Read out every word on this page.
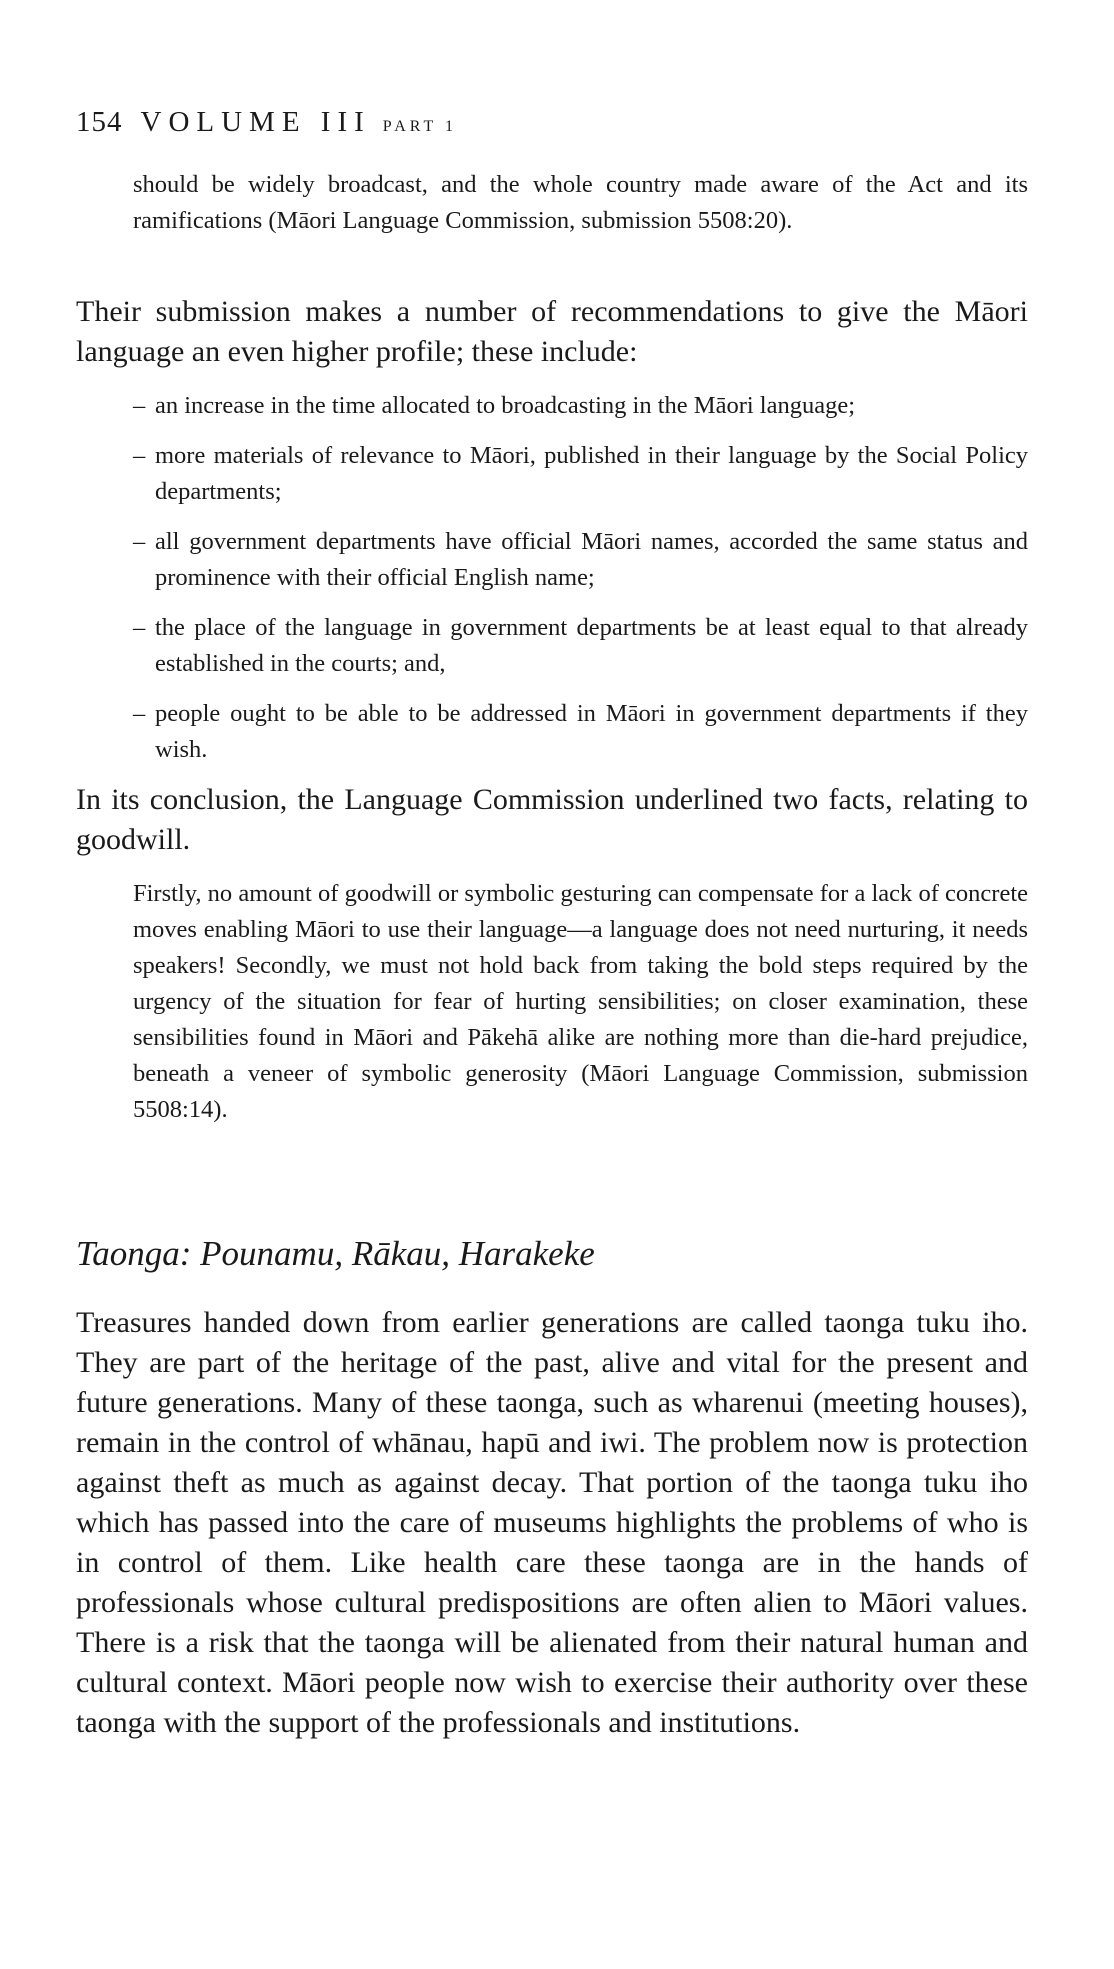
154 VOLUME III PART 1

should be widely broadcast, and the whole country made aware of the Act and its ramifications (Māori Language Commission, submission 5508:20).

Their submission makes a number of recommendations to give the Māori language an even higher profile; these include:

– an increase in the time allocated to broadcasting in the Māori language;
– more materials of relevance to Māori, published in their language by the Social Policy departments;
– all government departments have official Māori names, accorded the same status and prominence with their official English name;
– the place of the language in government departments be at least equal to that already established in the courts; and,
– people ought to be able to be addressed in Māori in government departments if they wish.

In its conclusion, the Language Commission underlined two facts, relating to goodwill.

Firstly, no amount of goodwill or symbolic gesturing can compensate for a lack of concrete moves enabling Māori to use their language—a language does not need nurturing, it needs speakers! Secondly, we must not hold back from taking the bold steps required by the urgency of the situation for fear of hurting sensibilities; on closer examination, these sensibilities found in Māori and Pākehā alike are nothing more than die-hard prejudice, beneath a veneer of symbolic generosity (Māori Language Commission, submission 5508:14).

Taonga: Pounamu, Rākau, Harakeke

Treasures handed down from earlier generations are called taonga tuku iho. They are part of the heritage of the past, alive and vital for the present and future generations. Many of these taonga, such as wharenui (meeting houses), remain in the control of whānau, hapū and iwi. The problem now is protection against theft as much as against decay. That portion of the taonga tuku iho which has passed into the care of museums highlights the problems of who is in control of them. Like health care these taonga are in the hands of professionals whose cultural predispositions are often alien to Māori values. There is a risk that the taonga will be alienated from their natural human and cultural context. Māori people now wish to exercise their authority over these taonga with the support of the professionals and institutions.
